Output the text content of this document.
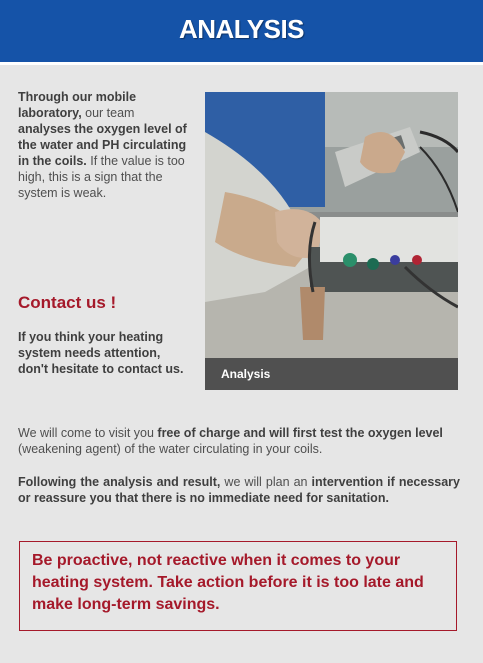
ANALYSIS
Through our mobile laboratory, our team analyses the oxygen level of the water and PH circulating in the coils. If the value is too high, this is a sign that the system is weak.
Contact us !
If you think your heating system needs attention, don't hesitate to contact us.	Analysis
We will come to visit you free of charge and will first test the oxygen level (weakening agent) of the water circulating in your coils.
Following the analysis and result, we will plan an intervention if necessary or reassure you that there is no immediate need for sanitation.
Be proactive, not reactive when it comes to your heating system. Take action before it is too late and make long-term savings.
